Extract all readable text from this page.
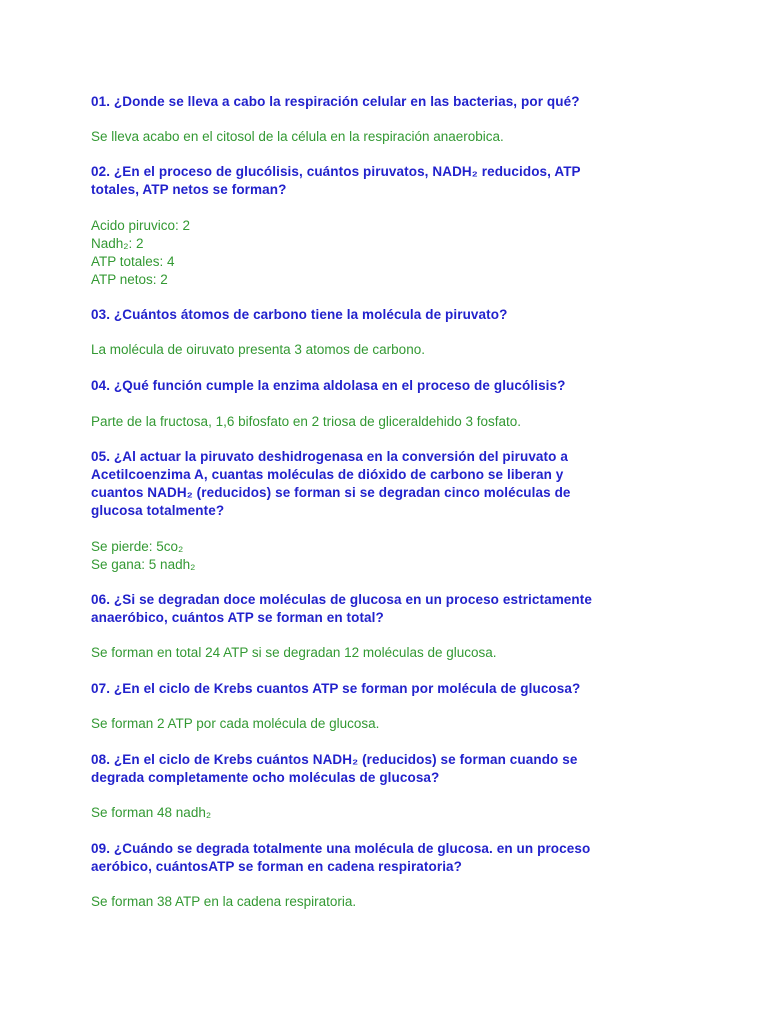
01. ¿Donde se lleva a cabo la respiración celular en las bacterias, por qué?
Se lleva acabo en el citosol de la célula en la respiración anaerobica.
02. ¿En el proceso de glucólisis, cuántos piruvatos, NADH₂ reducidos, ATP
totales, ATP netos se forman?
Acido piruvico: 2
Nadh₂: 2
ATP totales: 4
ATP netos: 2
03. ¿Cuántos átomos de carbono tiene la molécula de piruvato?
La molécula de oiruvato presenta 3 atomos de carbono.
04. ¿Qué función cumple la enzima aldolasa en el proceso de glucólisis?
Parte de la fructosa, 1,6 bifosfato en 2 triosa de gliceraldehido 3 fosfato.
05. ¿Al actuar la piruvato deshidrogenasa en la conversión del piruvato a
Acetilcoenzima A, cuantas moléculas de dióxido de carbono se liberan y
cuantos NADH₂ (reducidos) se forman si se degradan cinco moléculas de
glucosa totalmente?
Se pierde: 5co₂
Se gana: 5 nadh₂
06. ¿Si se degradan doce moléculas de glucosa en un proceso estrictamente
anaeróbico, cuántos ATP se forman en total?
Se forman en total 24 ATP si se degradan 12 moléculas de glucosa.
07. ¿En el ciclo de Krebs cuantos ATP se forman por molécula de glucosa?
Se forman 2 ATP por cada molécula de glucosa.
08. ¿En el ciclo de Krebs cuántos NADH₂ (reducidos) se forman cuando se
degrada completamente ocho moléculas de glucosa?
Se forman 48 nadh₂
09. ¿Cuándo se degrada totalmente una molécula de glucosa. en un proceso
aeróbico, cuántosATP se forman en cadena respiratoria?
Se forman 38 ATP en la cadena respiratoria.
